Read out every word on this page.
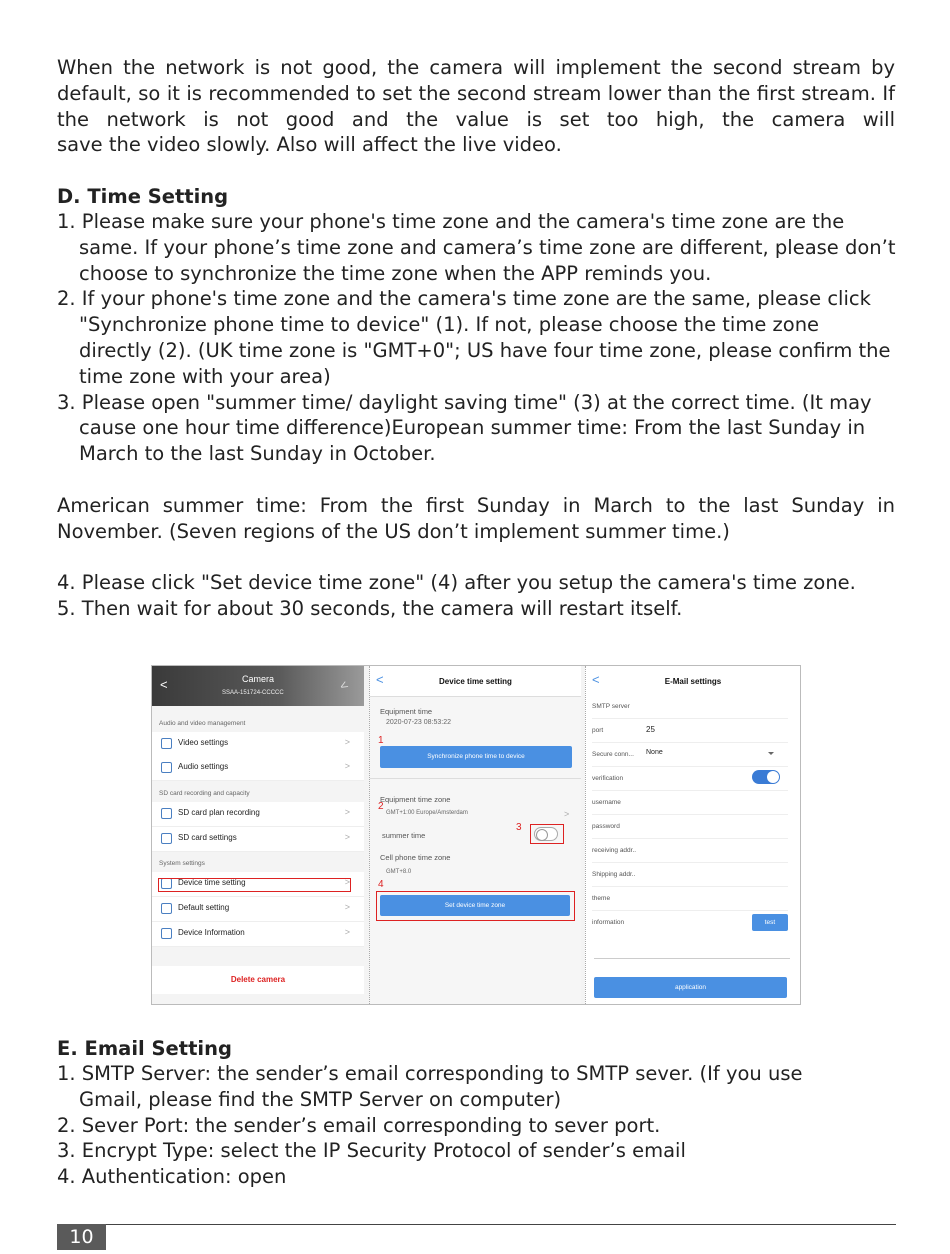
When the network is not good, the camera will implement the second stream by default, so it is recommended to set the second stream lower than the first stream. If the network is not good and the value is set too high, the camera will
save the video slowly. Also will affect the live video.
D. Time Setting
1. Please make sure your phone's time zone and the camera's time zone are the same. If your phone’s time zone and camera’s time zone are different, please don’t choose to synchronize the time zone when the APP reminds you.
2. If your phone's time zone and the camera's time zone are the same, please click "Synchronize phone time to device" (1). If not, please choose the time zone directly (2). (UK time zone is "GMT+0"; US have four time zone, please confirm the time zone with your area)
3. Please open "summer time/ daylight saving time" (3) at the correct time. (It may cause one hour time difference)European summer time: From the last Sunday in March to the last Sunday in October.
American summer time: From the first Sunday in March to the last Sunday in
November. (Seven regions of the US don’t implement summer time.)
4. Please click "Set device time zone" (4) after you setup the camera's time zone.
5. Then wait for about 30 seconds, the camera will restart itself.
<	Camera
SSAA-151724-CCCCC	<
Audio and video management
Video settings	>
Audio settings	>
SD card recording and capacity
SD card plan recording	>
SD card settings	>
System settings
Device time setting	>
Default setting	>
Device Information	>
Delete camera
<	Device time setting
Equipment time
2020-07-23 08:53:22
1
Synchronize phone time to device
Equipment time zone
2
GMT+1:00 Europe/Amsterdam	>
summer time
3
Cell phone time zone
GMT+8.0
4
Set device time zone
<	E-Mail settings
SMTP server
port	25
Secure conn... None
verification
username
password
receiving addr..
Shipping addr..
theme
information	test
application
E. Email Setting
1. SMTP Server: the sender’s email corresponding to SMTP sever. (If you use Gmail, please find the SMTP Server on computer)
2. Sever Port: the sender’s email corresponding to sever port.
3. Encrypt Type: select the IP Security Protocol of sender’s email
4. Authentication: open
10
